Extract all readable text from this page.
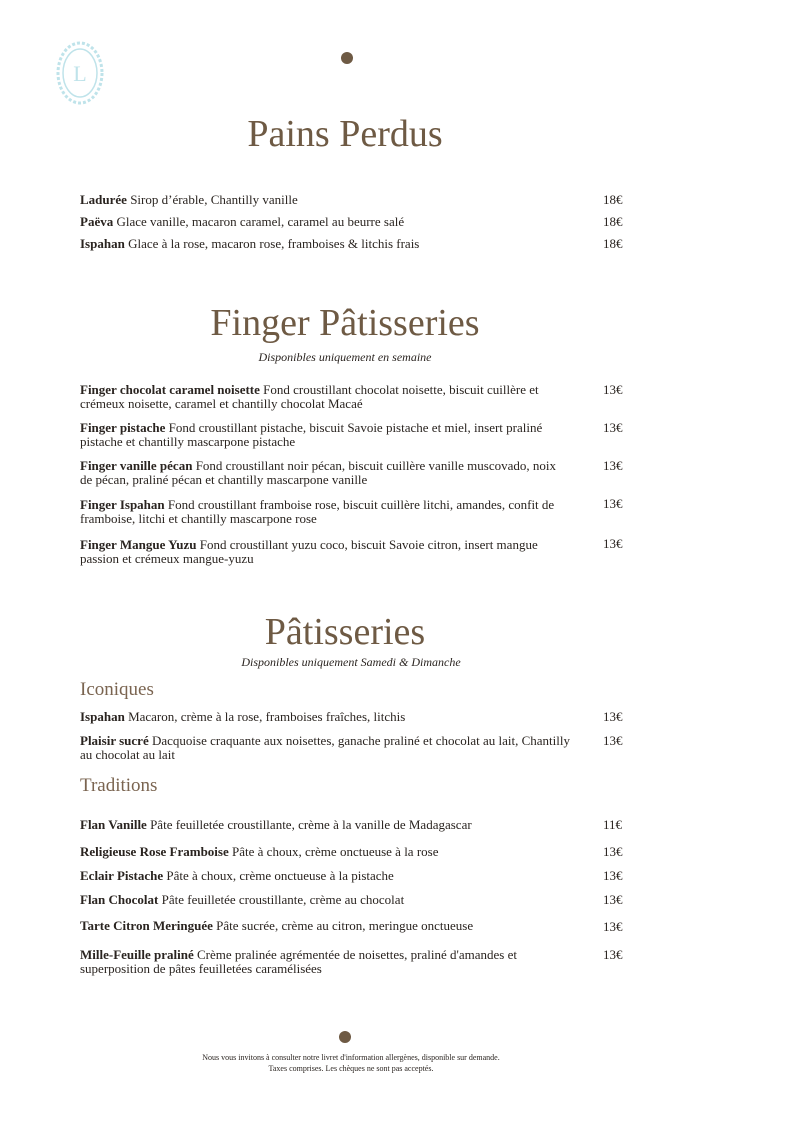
L
Pains Perdus
Ladurée Sirop d’érable, Chantilly vanille	18€
Paëva Glace vanille, macaron caramel, caramel au beurre salé	18€
Ispahan Glace à la rose, macaron rose, framboises & litchis frais	18€
Finger Pâtisseries
Disponibles uniquement en semaine
Finger chocolat caramel noisette Fond croustillant chocolat noisette, biscuit cuillère et crémeux noisette, caramel et chantilly chocolat Macaé
13€
Finger pistache Fond croustillant pistache, biscuit Savoie pistache et miel, insert praliné pistache et chantilly mascarpone pistache
13€
Finger vanille pécan Fond croustillant noir pécan, biscuit cuillère vanille muscovado, noix de pécan, praliné pécan et chantilly mascarpone vanille
13€
Finger Ispahan Fond croustillant framboise rose, biscuit cuillère litchi, amandes, confit de framboise, litchi et chantilly mascarpone rose
13€
Finger Mangue Yuzu Fond croustillant yuzu coco, biscuit Savoie citron, insert mangue passion et crémeux mangue-yuzu
13€
Pâtisseries
Disponibles uniquement Samedi & Dimanche
Iconiques
Ispahan Macaron, crème à la rose, framboises fraîches, litchis	13€
Plaisir sucré Dacquoise craquante aux noisettes, ganache praliné et chocolat au lait, Chantilly au chocolat au lait
13€
Traditions
Flan Vanille Pâte feuilletée croustillante, crème à la vanille de Madagascar	11€
Religieuse Rose Framboise Pâte à choux, crème onctueuse à la rose	13€
Eclair Pistache Pâte à choux, crème onctueuse à la pistache	13€
Flan Chocolat Pâte feuilletée croustillante, crème au chocolat	13€
Tarte Citron Meringuée Pâte sucrée, crème au citron, meringue onctueuse	13€
Mille-Feuille praliné Crème pralinée agrémentée de noisettes, praliné d'amandes et superposition de pâtes feuilletées caramélisées
13€
Nous vous invitons à consulter notre livret d'information allergènes, disponible sur demande.
Taxes comprises. Les chèques ne sont pas acceptés.
